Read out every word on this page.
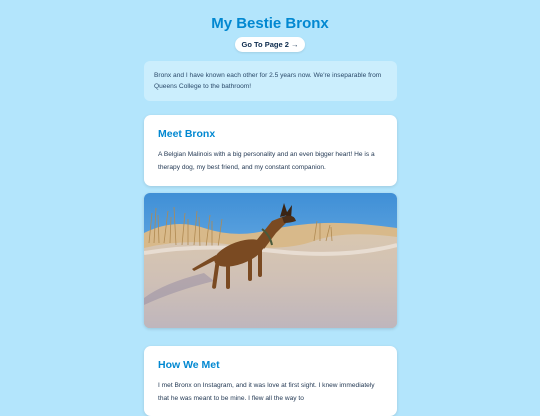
My Bestie Bronx
Go To Page 2 →
Bronx and I have known each other for 2.5 years now. We're inseparable from Queens College to the bathroom!
Meet Bronx

A Belgian Malinois with a big personality and an even bigger heart! He is a therapy dog, my best friend, and my constant companion.

How We Met

I met Bronx on Instagram, and it was love at first sight. I knew immediately that he was meant to be mine. I flew all the way to
